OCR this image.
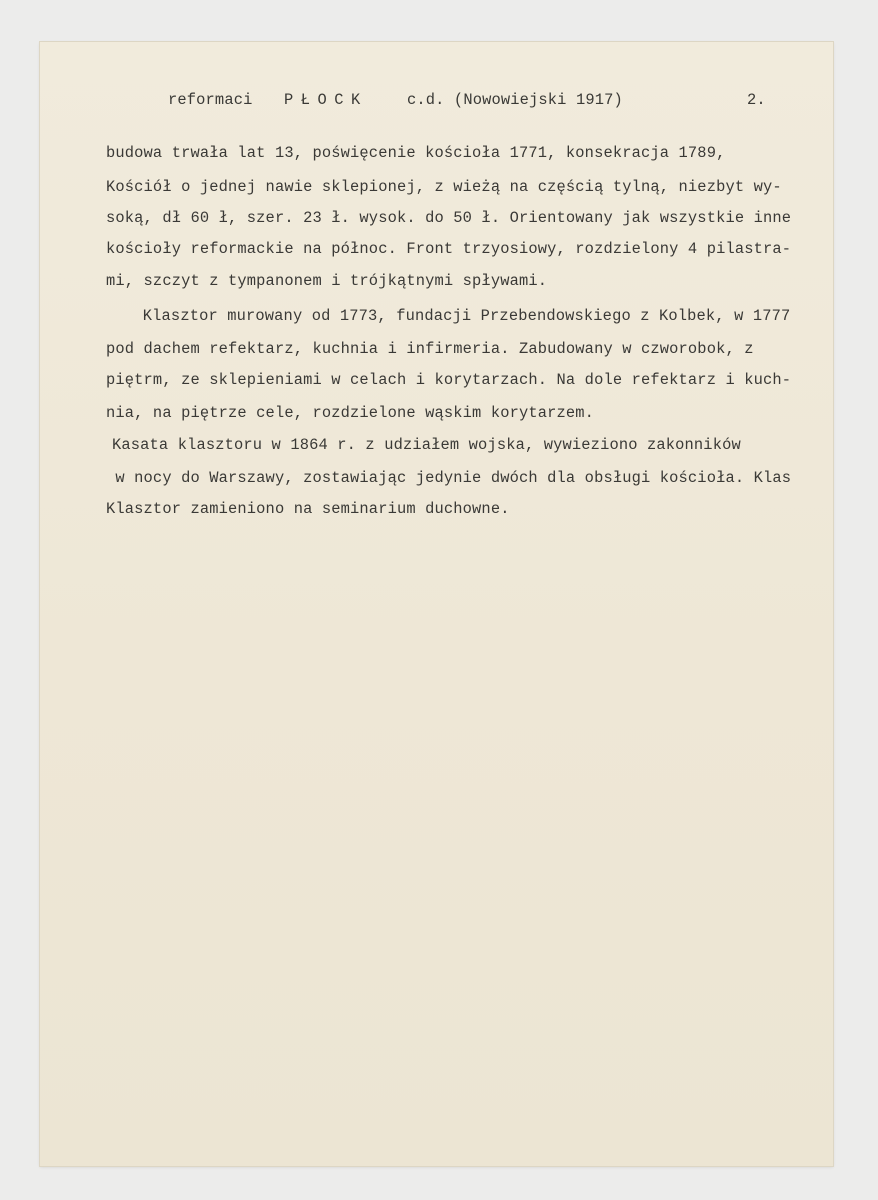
reformaci PŁOCK	c.d. (Nowowiejski 1917)	2.
budowa trwała lat 13, poświęcenie kościoła 1771, konsekracja 1789,
Kościół o jednej nawie sklepionej, z wieżą na częścią tylną, niezbyt wy-
soką, dł 60 ł, szer. 23 ł. wysok. do 50 ł. Orientowany jak wszystkie inne
kościoły reformackie na północ. Front trzyosiowy, rozdzielony 4 pilastra-
mi, szczyt z tympanonem i trójkątnymi spływami.
Klasztor murowany od 1773, fundacji Przebendowskiego z Kolbek, w 1777
pod dachem refektarz, kuchnia i infirmeria. Zabudowany w czworobok, z
piętrm, ze sklepieniami w celach i korytarzach. Na dole refektarz i kuch-
nia, na piętrze cele, rozdzielone wąskim korytarzem.
Kasata klasztoru w 1864 r. z udziałem wojska, wywieziono zakonników
w nocy do Warszawy, zostawiając jedynie dwóch dla obsługi kościoła. Klas
Klasztor zamieniono na seminarium duchowne.
